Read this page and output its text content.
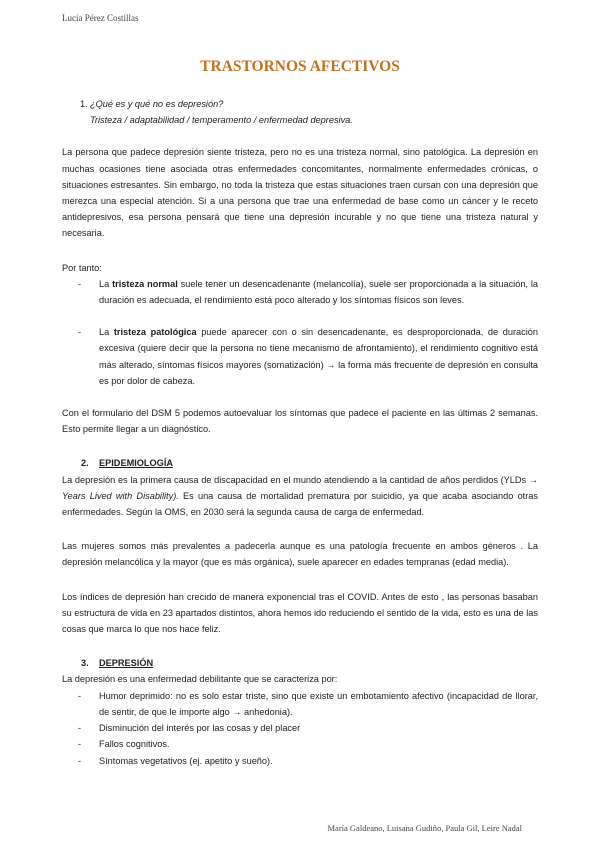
Lucía Pérez Costillas
TRASTORNOS AFECTIVOS
1. ¿Qué es y qué no es depresión?
Tristeza / adaptabilidad / temperamento / enfermedad depresiva.

La persona que padece depresión siente tristeza, pero no es una tristeza normal, sino patológica. La depresión en muchas ocasiones tiene asociada otras enfermedades concomitantes, normalmente enfermedades crónicas, o situaciones estresantes. Sin embargo, no toda la tristeza que estas situaciones traen cursan con una depresión que merezca una especial atención. Si a una persona que trae una enfermedad de base como un cáncer y le receto antidepresivos, esa persona pensará que tiene una depresión incurable y no que tiene una tristeza natural y necesaria.

Por tanto:

- La tristeza normal suele tener un desencadenante (melancolía), suele ser proporcionada a la situación, la duración es adecuada, el rendimiento está poco alterado y los síntomas físicos son leves.
- La tristeza patológica puede aparecer con o sin desencadenante, es desproporcionada, de duración excesiva (quiere decir que la persona no tiene mecanismo de afrontamiento), el rendimiento cognitivo está más alterado, síntomas físicos mayores (somatización) → la forma más frecuente de depresión en consulta es por dolor de cabeza.

Con el formulario del DSM 5 podemos autoevaluar los síntomas que padece el paciente en las últimas 2 semanas. Esto permite llegar a un diagnóstico.

2. EPIDEMIOLOGÍA

La depresión es la primera causa de discapacidad en el mundo atendiendo a la cantidad de años perdidos (YLDs → Years Lived with Disability). Es una causa de mortalidad prematura por suicidio, ya que acaba asociando otras enfermedades. Según la OMS, en 2030 será la segunda causa de carga de enfermedad.

Las mujeres somos más prevalentes a padecerla aunque es una patología frecuente en ambos géneros . La depresión melancólica y la mayor (que es más orgánica), suele aparecer en edades tempranas (edad media).

Los índices de depresión han crecido de manera exponencial tras el COVID. Antes de esto , las personas basaban su estructura de vida en 23 apartados distintos, ahora hemos ido reduciendo el sentido de la vida, esto es una de las cosas que marca lo que nos hace feliz.

3. DEPRESIÓN

La depresión es una enfermedad debilitante que se caracteriza por:

- Humor deprimido: no es solo estar triste, sino que existe un embotamiento afectivo (incapacidad de llorar, de sentir, de que le importe algo → anhedonia).
- Disminución del interés por las cosas y del placer
- Fallos cognitivos.
- Síntomas vegetativos (ej. apetito y sueño).
María Galdeano, Luisana Gudiño, Paula Gil, Leire Nadal
